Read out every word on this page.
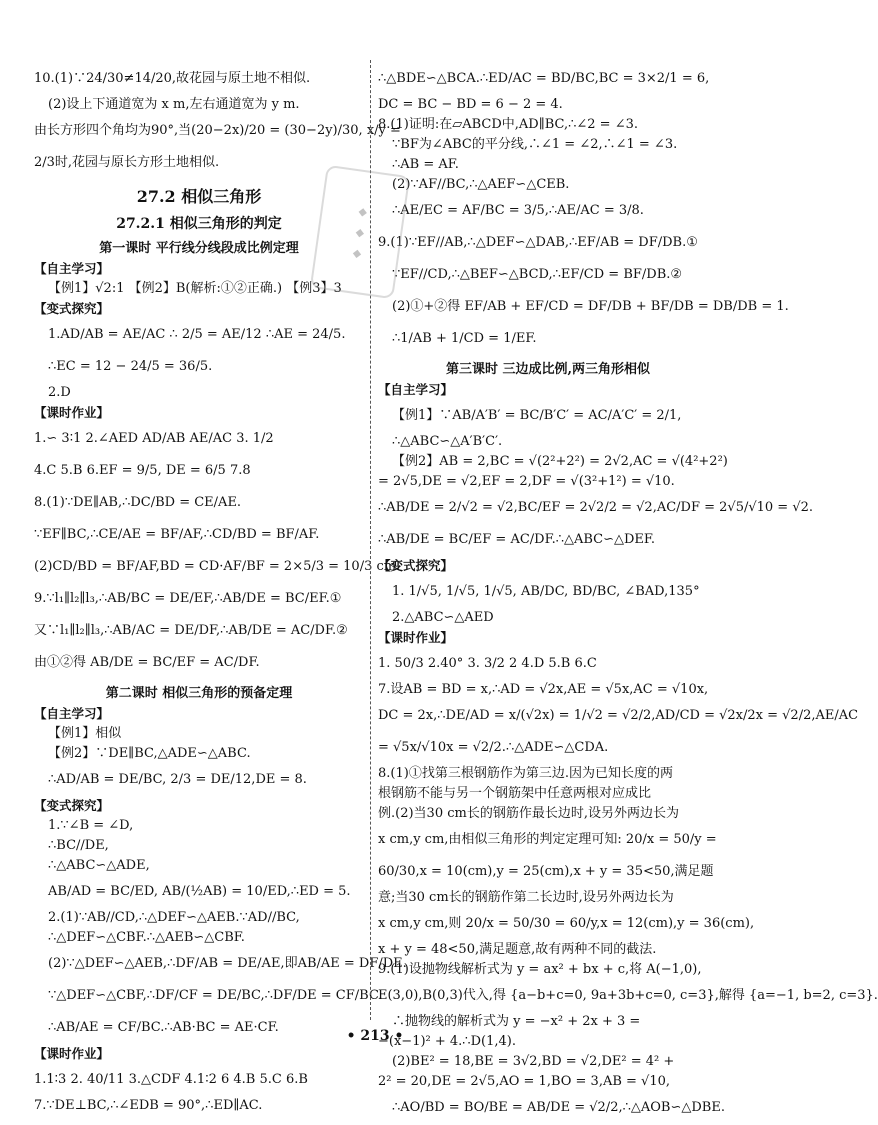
10.(1)∵24/30≠14/20,故花园与原土地不相似.
(2)设上下通道宽为 x m,左右通道宽为 y m.
由长方形四个角均为90°,当(20−2x)/20 = (30−2y)/30, x/y =
2/3时,花园与原长方形土地相似.
27.2 相似三角形
27.2.1 相似三角形的判定
第一课时 平行线分线段成比例定理
【自主学习】
【例1】√2:1 【例2】B(解析:①②正确.) 【例3】3
【变式探究】
1.AD/AB = AE/AC ∴ 2/5 = AE/12 ∴AE = 24/5.
∴EC = 12 − 24/5 = 36/5.
2.D
【课时作业】
1.∽ 3∶1 2.∠AED AD/AB AE/AC 3. 1/2
4.C 5.B 6.EF = 9/5, DE = 6/5 7.8
8.(1)∵DE∥AB,∴DC/BD = CE/AE.
∵EF∥BC,∴CE/AE = BF/AF,∴CD/BD = BF/AF.
(2)CD/BD = BF/AF,BD = CD·AF/BF = 2×5/3 = 10/3 cm.
9.∵l₁∥l₂∥l₃,∴AB/BC = DE/EF,∴AB/DE = BC/EF.①
又∵l₁∥l₂∥l₃,∴AB/AC = DE/DF,∴AB/DE = AC/DF.②
由①②得 AB/DE = BC/EF = AC/DF.
第二课时 相似三角形的预备定理
【自主学习】
【例1】相似
【例2】∵DE∥BC,△ADE∽△ABC.
∴AD/AB = DE/BC, 2/3 = DE/12,DE = 8.
【变式探究】
1.∵∠B = ∠D,
∴BC//DE,
∴△ABC∽△ADE,
AB/AD = BC/ED, AB/(½AB) = 10/ED,∴ED = 5.
2.(1)∵AB//CD,∴△DEF∽△AEB.∵AD//BC,
∴△DEF∽△CBF.∴△AEB∽△CBF.
(2)∵△DEF∽△AEB,∴DF/AB = DE/AE,即AB/AE = DF/DE.
∵△DEF∽△CBF,∴DF/CF = DE/BC,∴DF/DE = CF/BC.
∴AB/AE = CF/BC.∴AB·BC = AE·CF.
【课时作业】
1.1∶3 2. 40/11 3.△CDF 4.1∶2 6 4.B 5.C 6.B
7.∵DE⊥BC,∴∠EDB = 90°,∴ED∥AC.
∴△BDE∽△BCA.∴ED/AC = BD/BC,BC = 3×2/1 = 6,
DC = BC − BD = 6 − 2 = 4.
8.(1)证明:在▱ABCD中,AD∥BC,∴∠2 = ∠3.
∵BF为∠ABC的平分线,∴∠1 = ∠2,∴∠1 = ∠3.
∴AB = AF.
(2)∵AF//BC,∴△AEF∽△CEB.
∴AE/EC = AF/BC = 3/5,∴AE/AC = 3/8.
9.(1)∵EF//AB,∴△DEF∽△DAB,∴EF/AB = DF/DB.①
∵EF//CD,∴△BEF∽△BCD,∴EF/CD = BF/DB.②
(2)①+②得 EF/AB + EF/CD = DF/DB + BF/DB = DB/DB = 1.
∴1/AB + 1/CD = 1/EF.
第三课时 三边成比例,两三角形相似
【自主学习】
【例1】∵AB/A′B′ = BC/B′C′ = AC/A′C′ = 2/1,
∴△ABC∽△A′B′C′.
【例2】AB = 2,BC = √(2²+2²) = 2√2,AC = √(4²+2²)
= 2√5,DE = √2,EF = 2,DF = √(3²+1²) = √10.
∴AB/DE = 2/√2 = √2,BC/EF = 2√2/2 = √2,AC/DF = 2√5/√10 = √2.
∴AB/DE = BC/EF = AC/DF.∴△ABC∽△DEF.
【变式探究】
1. 1/√5, 1/√5, 1/√5, AB/DC, BD/BC, ∠BAD,135°
2.△ABC∽△AED
【课时作业】
1. 50/3 2.40° 3. 3/2 2 4.D 5.B 6.C
7.设AB = BD = x,∴AD = √2x,AE = √5x,AC = √10x,
DC = 2x,∴DE/AD = x/(√2x) = 1/√2 = √2/2,AD/CD = √2x/2x = √2/2,AE/AC
= √5x/√10x = √2/2.∴△ADE∽△CDA.
8.(1)①找第三根钢筋作为第三边.因为已知长度的两
根钢筋不能与另一个钢筋架中任意两根对应成比
例.(2)当30 cm长的钢筋作最长边时,设另外两边长为
x cm,y cm,由相似三角形的判定定理可知: 20/x = 50/y =
60/30,x = 10(cm),y = 25(cm),x + y = 35<50,满足题
意;当30 cm长的钢筋作第二长边时,设另外两边长为
x cm,y cm,则 20/x = 50/30 = 60/y,x = 12(cm),y = 36(cm),
x + y = 48<50,满足题意,故有两种不同的截法.
9.(1)设抛物线解析式为 y = ax² + bx + c,将 A(−1,0),
E(3,0),B(0,3)代入,得 {a−b+c=0, 9a+3b+c=0, c=3},解得 {a=−1, b=2, c=3}.
∴抛物线的解析式为 y = −x² + 2x + 3 =
−(x−1)² + 4.∴D(1,4).
(2)BE² = 18,BE = 3√2,BD = √2,DE² = 4² +
2² = 20,DE = 2√5,AO = 1,BO = 3,AB = √10,
∴AO/BD = BO/BE = AB/DE = √2/2,∴△AOB∽△DBE.
◆
◆
◆
• 213 •
